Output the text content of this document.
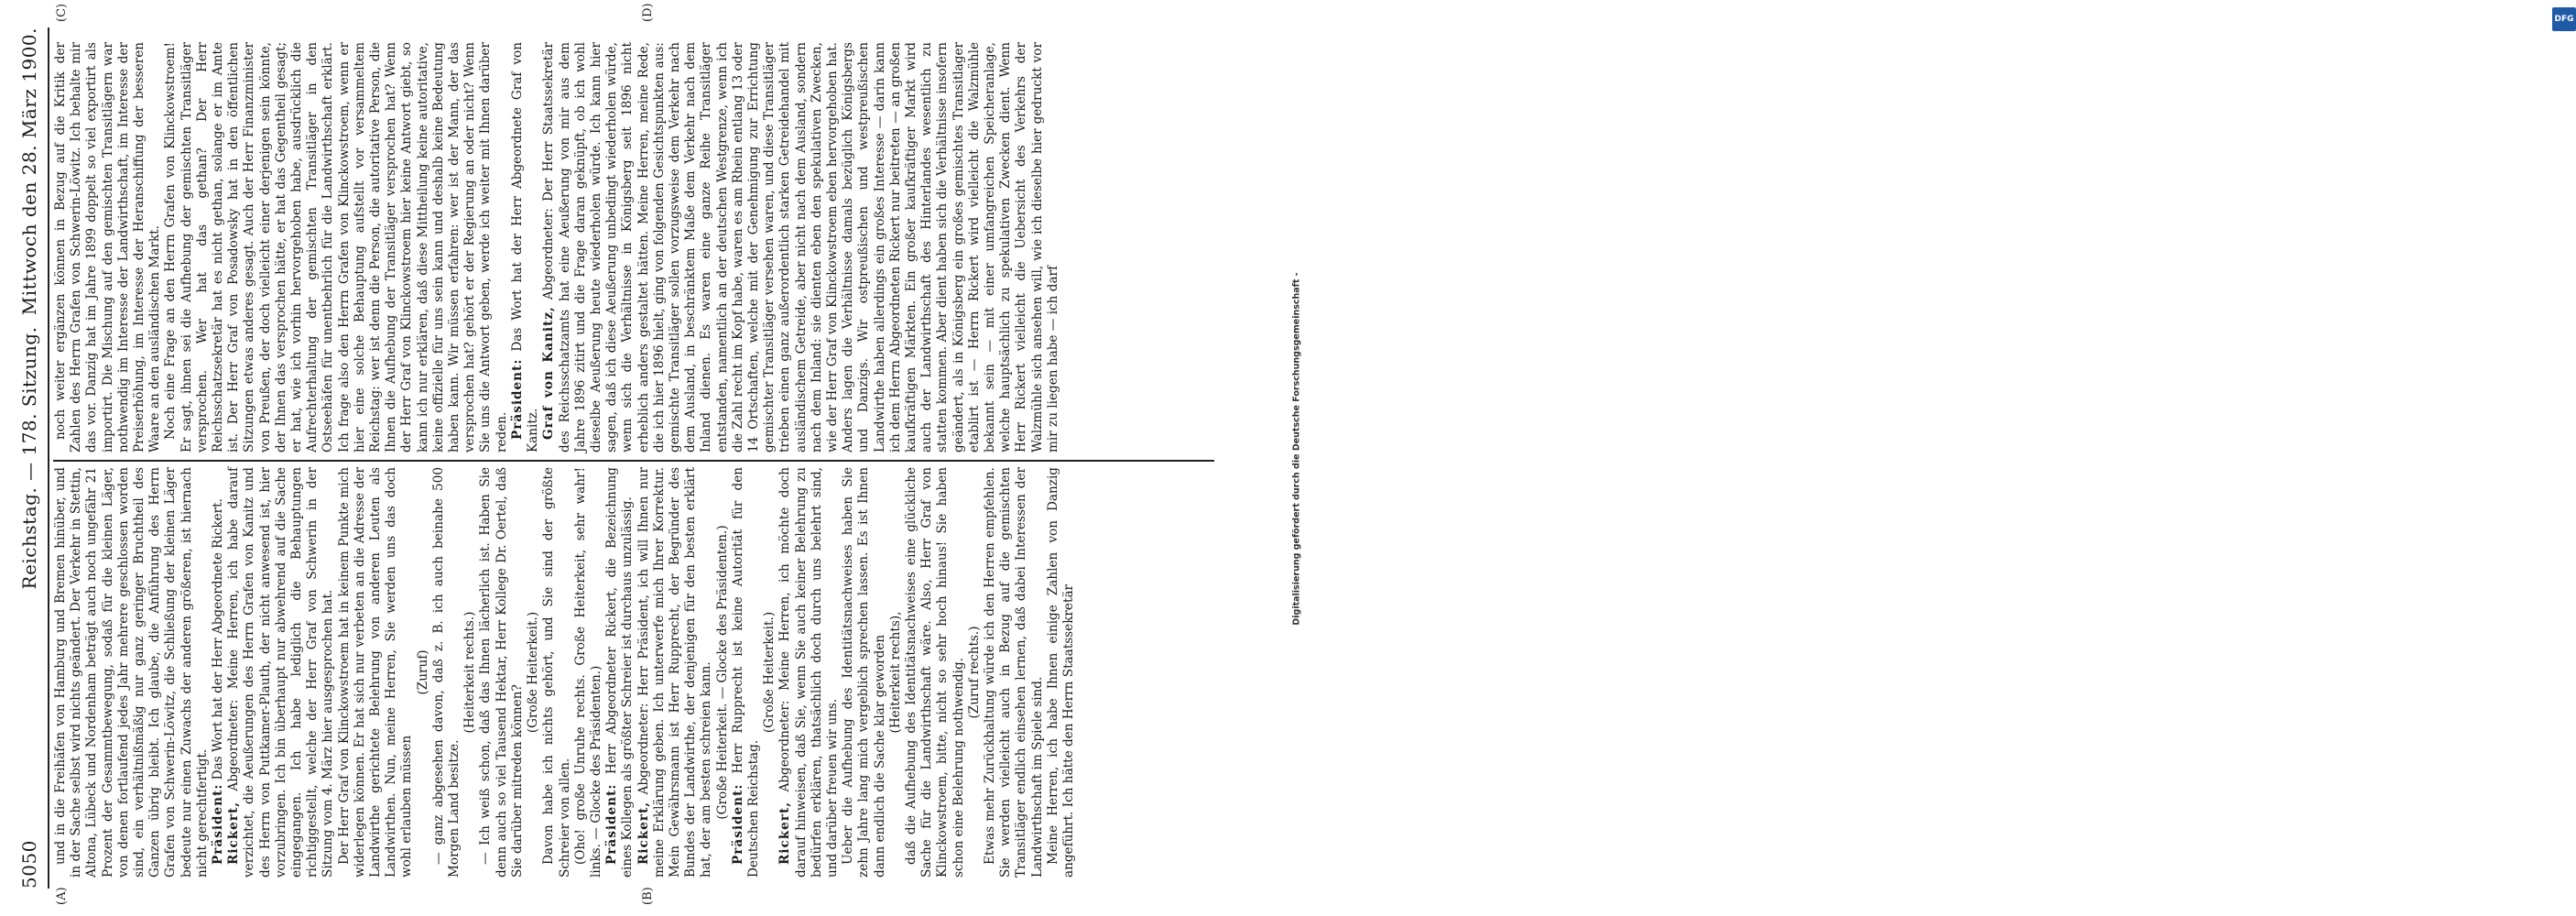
5050
Reichstag. — 178. Sitzung.
Mittwoch den 28. März 1900.
(A)	(B)
(C)	(D)

und in die Freihäfen von Hamburg und Bremen hinüber, und in der Sache selbst wird nichts geändert. Der Verkehr in Stettin, Altona, Lübeck und Nordenham beträgt auch noch ungefähr 21 Prozent der Gesammtbewegung, sodaß für die kleinen Läger, von denen fortlaufend jedes Jahr mehrere geschlossen worden sind, ein verhältnißmäßig nur ganz geringer Bruchtheil des Ganzen übrig bleibt. Ich glaube, die Anführung des Herrn Grafen von Schwerin-Löwitz, die Schließung der kleinen Läger bedeute nur einen Zuwachs der anderen größeren, ist hiernach nicht gerechtfertigt. Präsident: Das Wort hat der Herr Abgeordnete Rickert.

Rickert, Abgeordneter: Meine Herren, ich habe darauf verzichtet, die Aeußerungen des Herrn Grafen von Kanitz und des Herrn von Puttkamer-Plauth, der nicht anwesend ist, hier vorzubringen. Ich bin überhaupt nur abwehrend auf die Sache eingegangen. Ich habe lediglich die Behauptungen richtiggestellt, welche der Herr Graf von Schwerin in der Sitzung vom 4. März hier ausgesprochen hat. Der Herr Graf von Klinckowstroem hat in keinem Punkte mich widerlegen können. Er hat sich nur verbeten an die Adresse der Landwirthe gerichtete Belehrung von anderen Leuten als Landwirthen. Nun, meine Herren, Sie werden uns das doch wohl erlauben müssen

(Zuruf) — ganz abgesehen davon, daß z. B. ich auch beinahe 500 Morgen Land besitze.

(Heiterkeit rechts.) — Ich weiß schon, daß das Ihnen lächerlich ist. Haben Sie denn auch so viel Tausend Hektar, Herr Kollege Dr. Oertel, daß Sie darüber mitreden können?

(Große Heiterkeit.) Davon habe ich nichts gehört, und Sie sind der größte Schreier von allen. (Oho! große Unruhe rechts. Große Heiterkeit, sehr wahr! links. — Glocke des Präsidenten.) Präsident: Herr Abgeordneter Rickert, die Bezeichnung eines Kollegen als größter Schreier ist durchaus unzulässig. Rickert, Abgeordneter: Herr Präsident, ich will Ihnen nur meine Erklärung geben. Ich unterwerfe mich Ihrer Korrektur. Mein Gewährsmann ist Herr Rupprecht, der Begründer des Bundes der Landwirthe, der denjenigen für den besten erklärt hat, der am besten schreien kann. (Große Heiterkeit. — Glocke des Präsidenten.)

Präsident: Herr Rupprecht ist keine Autorität für den Deutschen Reichstag.

(Große Heiterkeit.)

Rickert, Abgeordneter: Meine Herren, ich möchte doch darauf hinweisen, daß Sie, wenn Sie auch keiner Belehrung zu bedürfen erklären, thatsächlich doch durch uns belehrt sind, und darüber freuen wir uns. Ueber die Aufhebung des Identitätsnachweises haben Sie zehn Jahre lang mich vergeblich sprechen lassen. Es ist Ihnen dann endlich die Sache klar geworden (Heiterkeit rechts), daß die Aufhebung des Identitätsnachweises eine glückliche Sache für die Landwirthschaft wäre. Also, Herr Graf von Klinckowstroem, bitte, nicht so sehr hoch hinaus! Sie haben schon eine Belehrung nothwendig. (Zuruf rechts.) Etwas mehr Zurückhaltung würde ich den Herren empfehlen. Sie werden vielleicht auch in Bezug auf die gemischten Transitläger endlich einsehen lernen, daß dabei Interessen der Landwirthschaft im Spiele sind. Meine Herren, ich habe Ihnen einige Zahlen von Danzig angeführt. Ich hätte den Herrn Staatssekretär

noch weiter ergänzen können in Bezug auf die Kritik der Zahlen des Herrn Grafen von Schwerin-Löwitz. Ich behalte mir das vor. Danzig hat im Jahre 1899 doppelt so viel exportirt als importirt. Die Mischung auf den gemischten Transitlägern war nothwendig im Interesse der Landwirthschaft, im Interesse der Preiserhöhung, im Interesse der Heranschiffung der besseren Waare an den ausländischen Markt. Noch eine Frage an den Herrn Grafen von Klinckowstroem! Er sagt, ihnen sei die Aufhebung der gemischten Transitläger versprochen. Wer hat das gethan? Der Herr Reichsschatzsekretär hat es nicht gethan, solange er im Amte ist. Der Herr Graf von Posadowsky hat in den öffentlichen Sitzungen etwas anderes gesagt. Auch der Herr Finanzminister von Preußen, der doch vielleicht einer derjenigen sein könnte, der Ihnen das versprochen hätte, er hat das Gegentheil gesagt; er hat, wie ich vorhin hervorgehoben habe, ausdrücklich die Aufrechterhaltung der gemischten Transitläger in den Ostseehäfen für unentbehrlich für die Landwirthschaft erklärt. Ich frage also den Herrn Grafen von Klinckowstroem, wenn er hier eine solche Behauptung aufstellt vor versammeltem Reichstag: wer ist denn die Person, die autoritative Person, die Ihnen die Aufhebung der Transitläger versprochen hat? Wenn der Herr Graf von Klinckowstroem hier keine Antwort giebt, so kann ich nur erklären, daß diese Mittheilung keine autoritative, keine offizielle für uns sein kann und deshalb keine Bedeutung haben kann. Wir müssen erfahren: wer ist der Mann, der das versprochen hat? gehört er der Regierung an oder nicht? Wenn Sie uns die Antwort geben, werde ich weiter mit Ihnen darüber reden. Präsident: Das Wort hat der Herr Abgeordnete Graf von Kanitz. Graf von Kanitz, Abgeordneter: Der Herr Staatssekretär des Reichsschatzamts hat eine Aeußerung von mir aus dem Jahre 1896 zitirt und die Frage daran geknüpft, ob ich wohl dieselbe Aeußerung heute wiederholen würde. Ich kann hier sagen, daß ich diese Aeußerung unbedingt wiederholen würde, wenn sich die Verhältnisse in Königsberg seit 1896 nicht erheblich anders gestaltet hätten. Meine Herren, meine Rede, die ich hier 1896 hielt, ging von folgenden Gesichtspunkten aus: gemischte Transitläger sollen vorzugsweise dem Verkehr nach dem Ausland, in beschränktem Maße dem Verkehr nach dem Inland dienen. Es waren eine ganze Reihe Transitläger entstanden, namentlich an der deutschen Westgrenze, wenn ich die Zahl recht im Kopf habe, waren es am Rhein entlang 13 oder 14 Ortschaften, welche mit der Genehmigung zur Errichtung gemischter Transitläger versehen waren, und diese Transitläger trieben einen ganz außerordentlich starken Getreidehandel mit ausländischem Getreide, aber nicht nach dem Ausland, sondern nach dem Inland: sie dienten eben den spekulativen Zwecken, wie der Herr Graf von Klinckowstroem eben hervorgehoben hat. Anders lagen die Verhältnisse damals bezüglich Königsbergs und Danzigs. Wir ostpreußischen und westpreußischen Landwirthe haben allerdings ein großes Interesse — darin kann ich dem Herrn Abgeordneten Rickert nur beitreten — an großen kaufkräftigen Märkten. Ein großer kaufkräftiger Markt wird auch der Landwirthschaft des Hinterlandes wesentlich zu statten kommen. Aber dient haben sich die Verhältnisse insofern geändert, als in Königsberg ein großes gemischtes Transitlager etablirt ist — Herrn Rickert wird vielleicht die Walzmühle bekannt sein — mit einer umfangreichen Speicheranlage, welche hauptsächlich zu spekulativen Zwecken dient. Wenn Herr Rickert vielleicht die Uebersicht des Verkehrs der Walzmühle sich ansehen will, wie ich dieselbe hier gedruckt vor mir zu liegen habe — ich darf

DFG
Digitalisierung gefördert durch die Deutsche Forschungsgemeinschaft -
